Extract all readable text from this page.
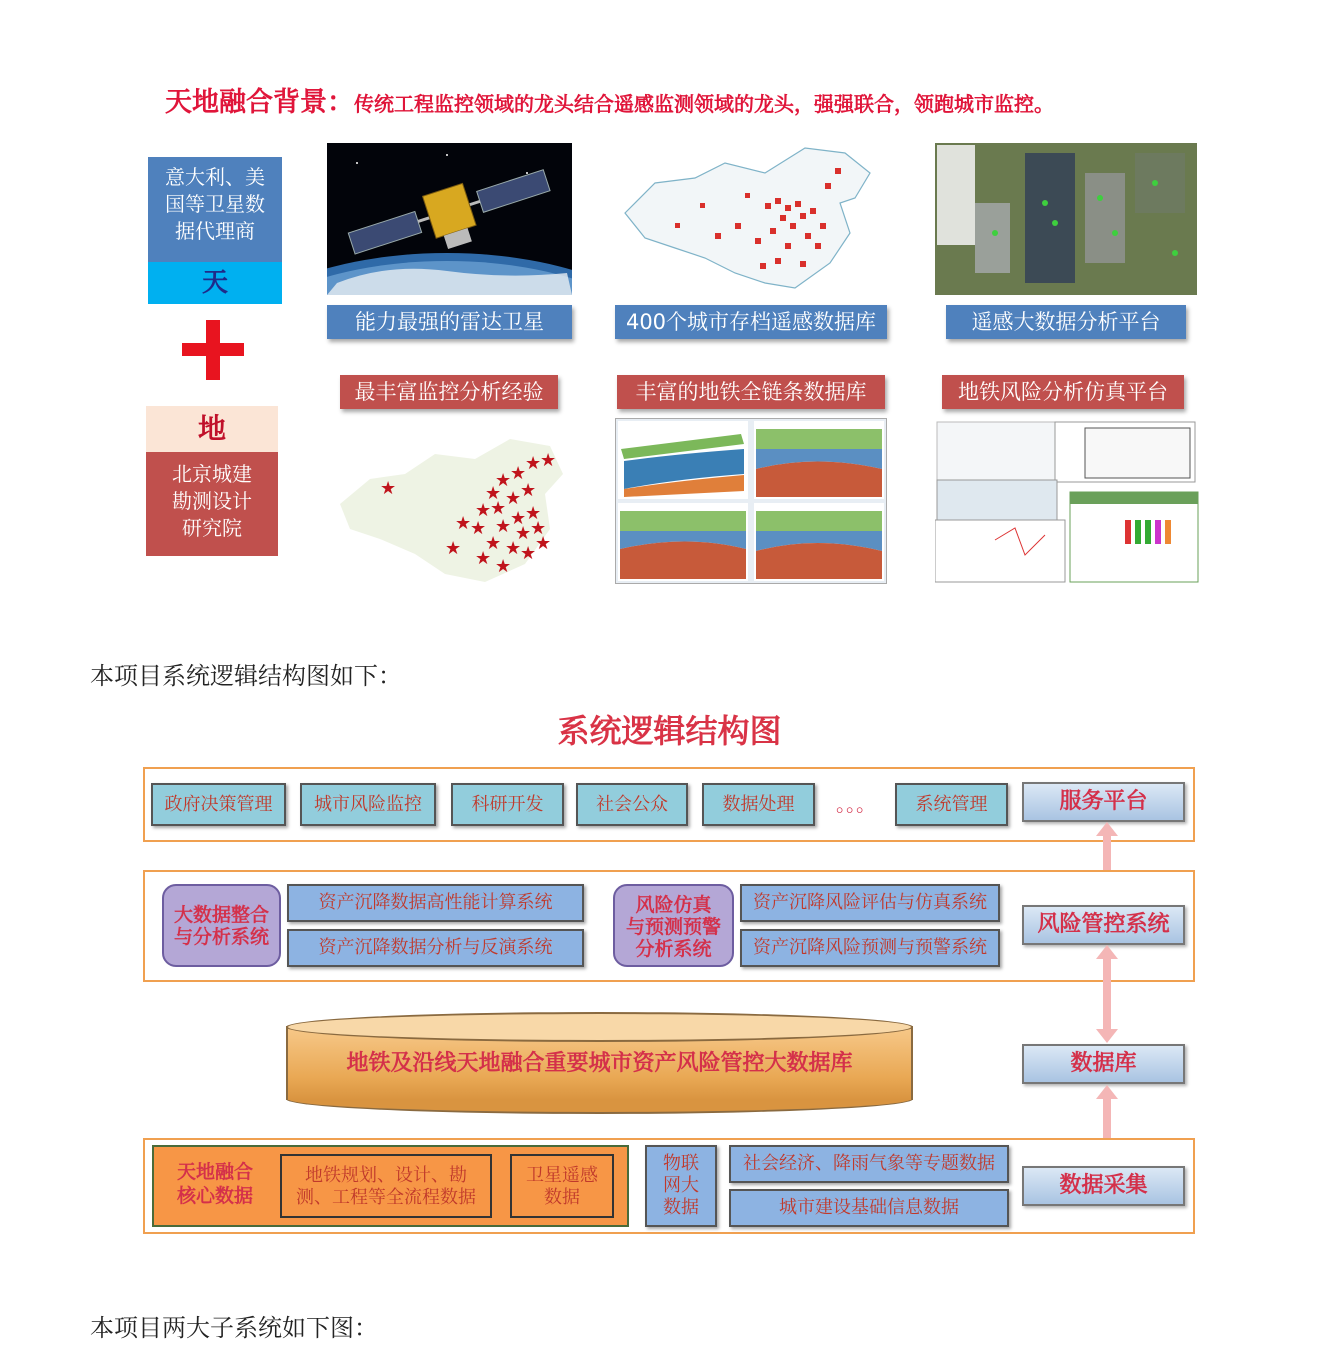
天地融合背景：传统工程监控领域的龙头结合遥感监测领域的龙头，强强联合，领跑城市监控。
意大利、美
国等卫星数
据代理商
天
地
北京城建
勘测设计
研究院
能力最强的雷达卫星	400个城市存档遥感数据库	遥感大数据分析平台
最丰富监控分析经验	丰富的地铁全链条数据库	地铁风险分析仿真平台
★	★
★
★
★
★
★
★
★
★
★
★ ★
★
★
★
★
★ ★
★
★ ★ ★
★
本项目系统逻辑结构图如下：
系统逻辑结构图
政府决策管理	城市风险监控	科研开发	社会公众	数据处理	。。。	系统管理	服务平台
大数据整合
与分析系统
资产沉降数据高性能计算系统
资产沉降数据分析与反演系统
风险仿真
与预测预警
分析系统
资产沉降风险评估与仿真系统
资产沉降风险预测与预警系统
风险管控系统
地铁及沿线天地融合重要城市资产风险管控大数据库	数据库
天地融合
核心数据
地铁规划、设计、勘
测、工程等全流程数据
卫星遥感
数据
物联
网大
数据
社会经济、降雨气象等专题数据
城市建设基础信息数据
数据采集
本项目两大子系统如下图：
